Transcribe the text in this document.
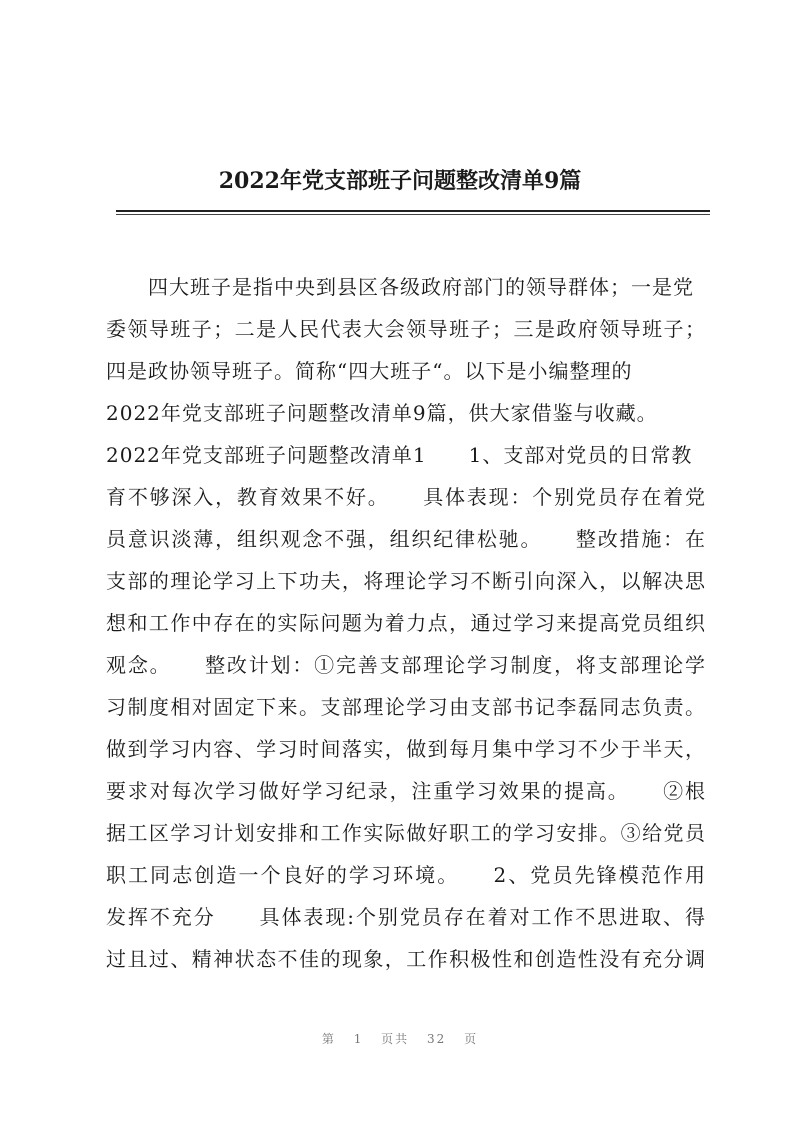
2022年党支部班子问题整改清单9篇
　　四大班子是指中央到县区各级政府部门的领导群体；一是党
委领导班子；二是人民代表大会领导班子；三是政府领导班子；
四是政协领导班子。简称“四大班子“。以下是小编整理的
2022年党支部班子问题整改清单9篇，供大家借鉴与收藏。
2022年党支部班子问题整改清单1　　1、支部对党员的日常教
育不够深入，教育效果不好。　　具体表现：个别党员存在着党
员意识淡薄，组织观念不强，组织纪律松驰。　　整改措施：在
支部的理论学习上下功夫，将理论学习不断引向深入，以解决思
想和工作中存在的实际问题为着力点，通过学习来提高党员组织
观念。　　整改计划：①完善支部理论学习制度，将支部理论学
习制度相对固定下来。支部理论学习由支部书记李磊同志负责。
做到学习内容、学习时间落实，做到每月集中学习不少于半天，
要求对每次学习做好学习纪录，注重学习效果的提高。　　②根
据工区学习计划安排和工作实际做好职工的学习安排。③给党员
职工同志创造一个良好的学习环境。　　2、党员先锋模范作用
发挥不充分　　具体表现:个别党员存在着对工作不思进取、得
过且过、精神状态不佳的现象，工作积极性和创造性没有充分调
第 1 页共 32 页
